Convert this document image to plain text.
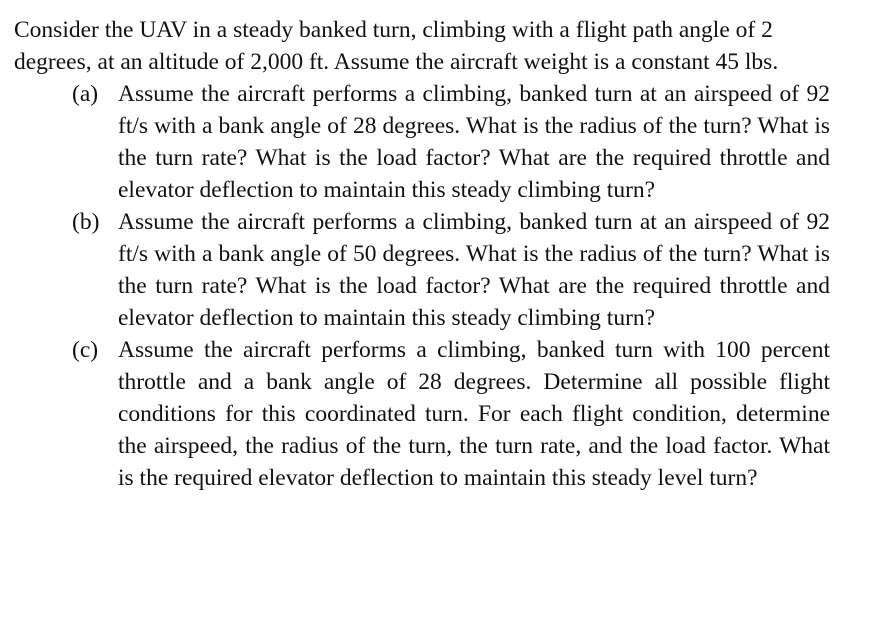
Consider the UAV in a steady banked turn, climbing with a flight path angle of 2 degrees, at an altitude of 2,000 ft. Assume the aircraft weight is a constant 45 lbs.

(a) Assume the aircraft performs a climbing, banked turn at an airspeed of 92 ft/s with a bank angle of 28 degrees. What is the radius of the turn? What is the turn rate? What is the load factor? What are the required throttle and elevator deflection to maintain this steady climbing turn?
(b) Assume the aircraft performs a climbing, banked turn at an airspeed of 92 ft/s with a bank angle of 50 degrees. What is the radius of the turn? What is the turn rate? What is the load factor? What are the required throttle and elevator deflection to maintain this steady climbing turn?
(c) Assume the aircraft performs a climbing, banked turn with 100 percent throttle and a bank angle of 28 degrees. Determine all possible flight conditions for this coordinated turn. For each flight condition, determine the airspeed, the radius of the turn, the turn rate, and the load factor. What is the required elevator deflection to maintain this steady level turn?
